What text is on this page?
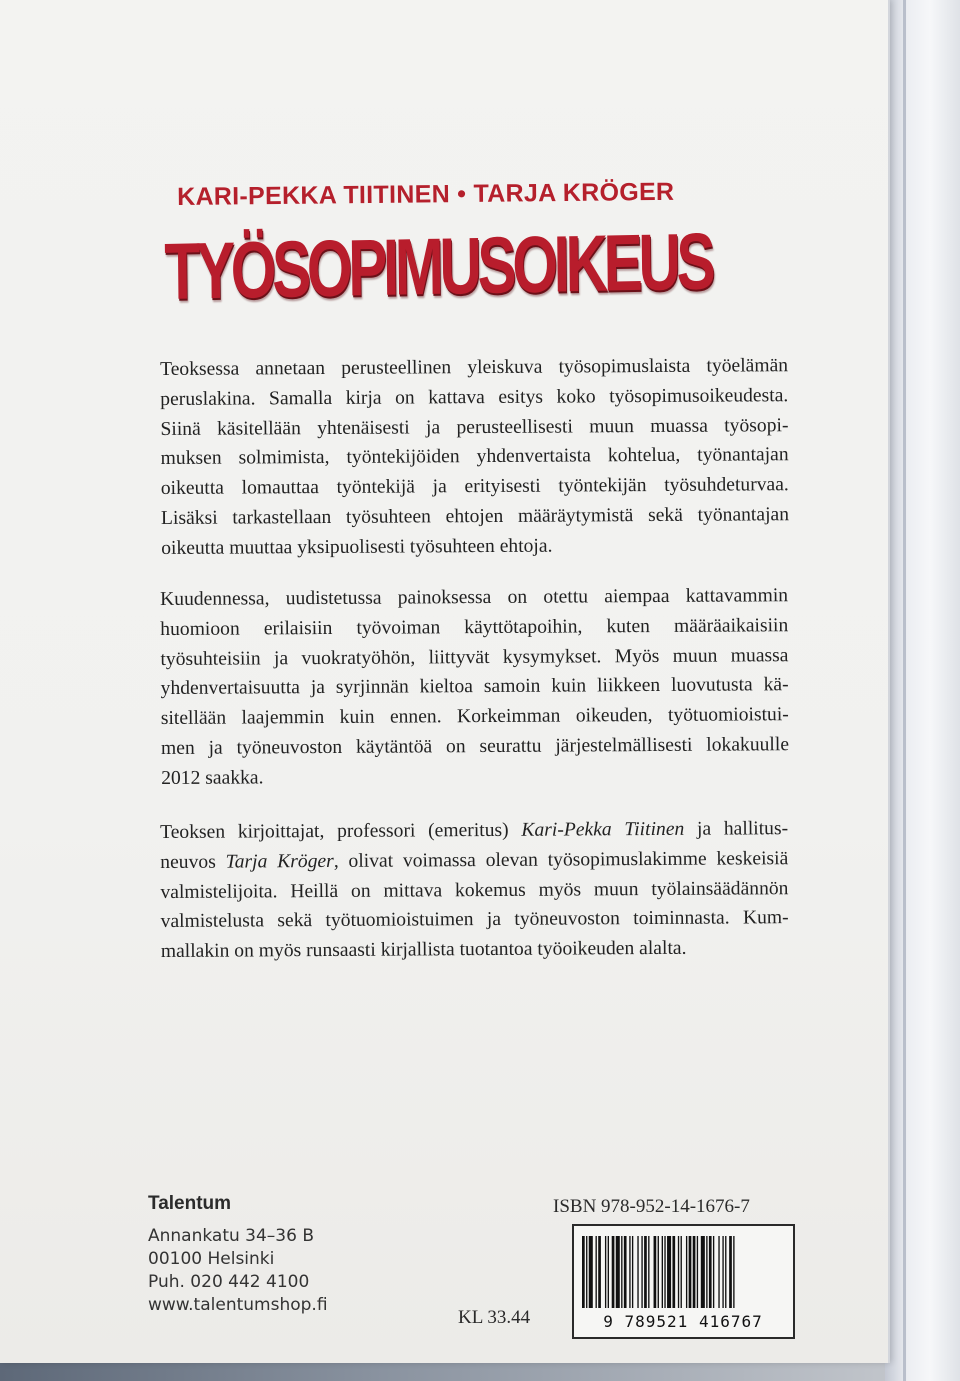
KARI-PEKKA TIITINEN • TARJA KRÖGER
TYÖSOPIMUSOIKEUS
Teoksessa annetaan perusteellinen yleiskuva työsopimuslaista työelämän
peruslakina. Samalla kirja on kattava esitys koko työsopimusoikeudesta.
Siinä käsitellään yhtenäisesti ja perusteellisesti muun muassa työsopi-
muksen solmimista, työntekijöiden yhdenvertaista kohtelua, työnantajan
oikeutta lomauttaa työntekijä ja erityisesti työntekijän työsuhdeturvaa.
Lisäksi tarkastellaan työsuhteen ehtojen määräytymistä sekä työnantajan
oikeutta muuttaa yksipuolisesti työsuhteen ehtoja.
Kuudennessa, uudistetussa painoksessa on otettu aiempaa kattavammin
huomioon erilaisiin työvoiman käyttötapoihin, kuten määräaikaisiin
työsuhteisiin ja vuokratyöhön, liittyvät kysymykset. Myös muun muassa
yhdenvertaisuutta ja syrjinnän kieltoa samoin kuin liikkeen luovutusta kä-
sitellään laajemmin kuin ennen. Korkeimman oikeuden, työtuomioistui-
men ja työneuvoston käytäntöä on seurattu järjestelmällisesti lokakuulle
2012 saakka.
Teoksen kirjoittajat, professori (emeritus) Kari-Pekka Tiitinen ja hallitus-
neuvos Tarja Kröger, olivat voimassa olevan työsopimuslakimme keskeisiä
valmistelijoita. Heillä on mittava kokemus myös muun työlainsäädännön
valmistelusta sekä työtuomioistuimen ja työneuvoston toiminnasta. Kum-
mallakin on myös runsaasti kirjallista tuotantoa työoikeuden alalta.
Talentum
Annankatu 34–36 B
00100 Helsinki
Puh. 020 442 4100
www.talentumshop.fi
ISBN 978-952-14-1676-7
KL 33.44	9 789521 416767
